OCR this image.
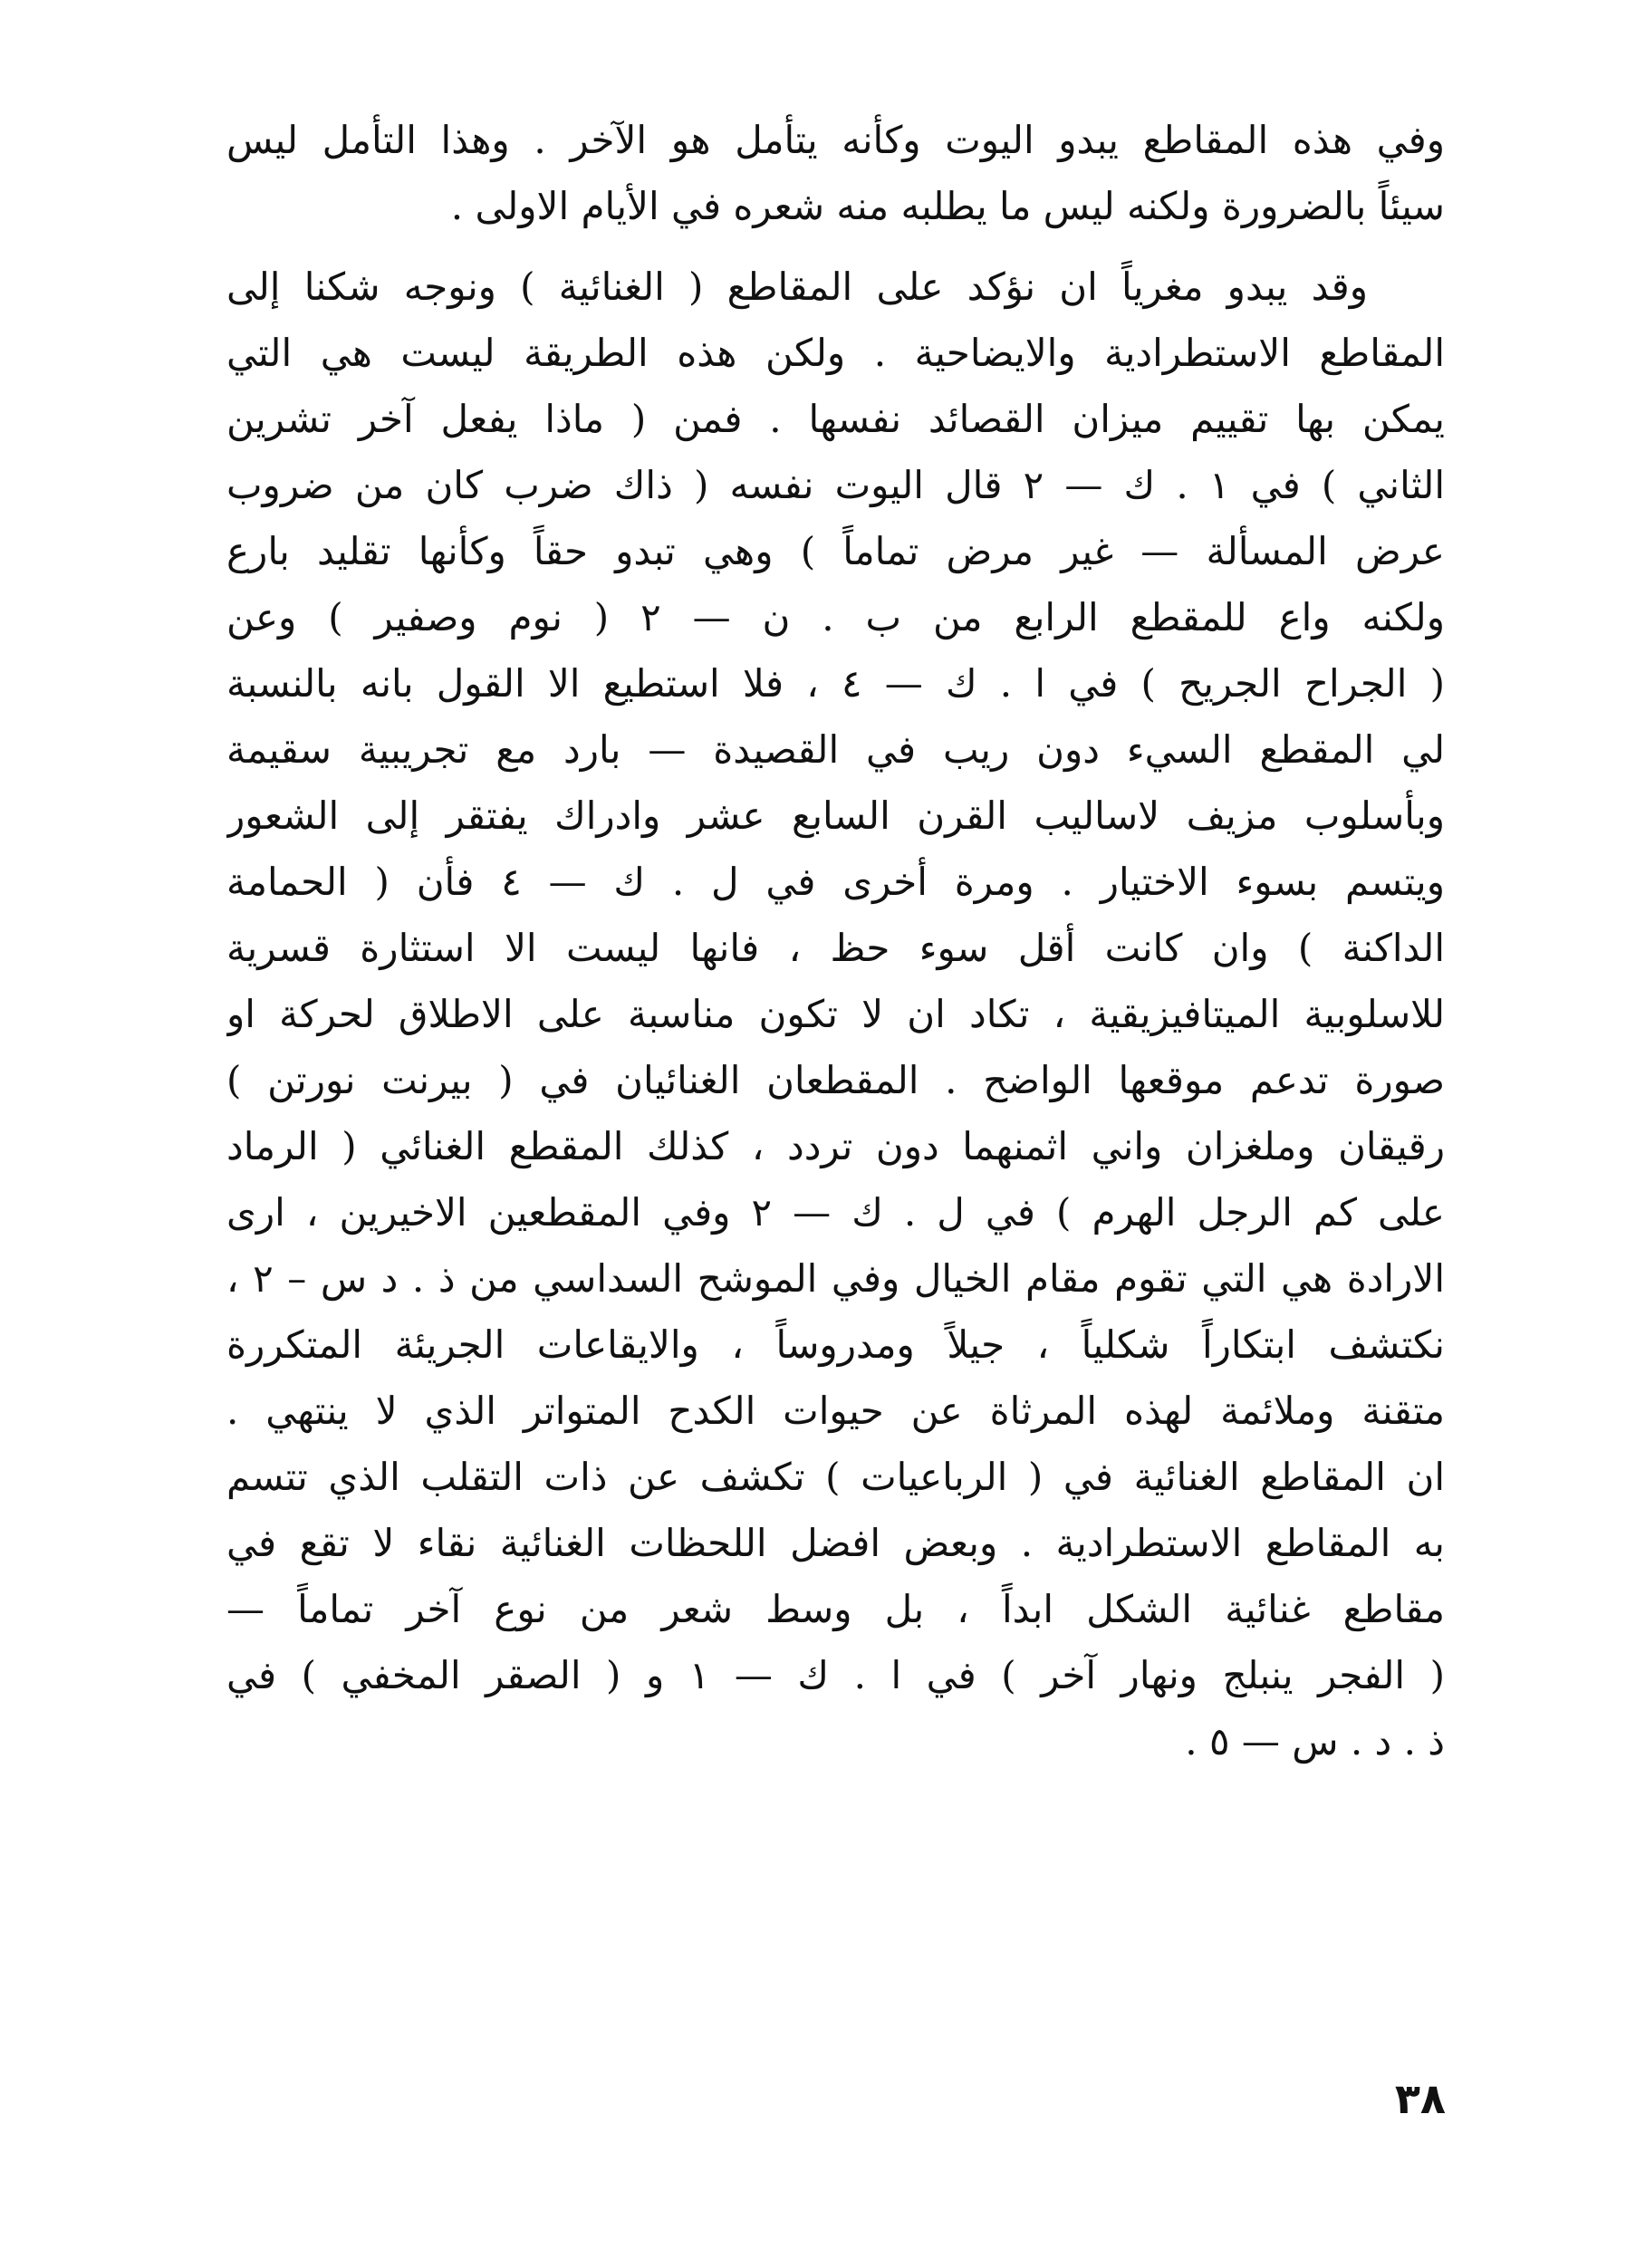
وفي هذه المقاطع يبدو اليوت وكأنه يتأمل هو الآخر . وهذا التأمل ليس
سيئاً بالضرورة ولكنه ليس ما يطلبه منه شعره في الأيام الاولى .
وقد يبدو مغرياً ان نؤكد على المقاطع ( الغنائية ) ونوجه شكنا إلى
المقاطع الاستطرادية والايضاحية . ولكن هذه الطريقة ليست هي التي
يمكن بها تقييم ميزان القصائد نفسها . فمن ( ماذا يفعل آخر تشرين
الثاني ) في ١ . ك — ٢ قال اليوت نفسه ( ذاك ضرب كان من ضروب
عرض المسألة — غير مرض تماماً ) وهي تبدو حقاً وكأنها تقليد بارع
ولكنه واع للمقطع الرابع من ب . ن — ٢ ( نوم وصفير ) وعن
( الجراح الجريح ) في ا . ك — ٤ ، فلا استطيع الا القول بانه بالنسبة
لي المقطع السيء دون ريب في القصيدة — بارد مع تجريبية سقيمة
وبأسلوب مزيف لاساليب القرن السابع عشر وادراك يفتقر إلى الشعور
ويتسم بسوء الاختيار . ومرة أخرى في ل . ك — ٤ فأن ( الحمامة
الداكنة ) وان كانت أقل سوء حظ ، فانها ليست الا استثارة قسرية
للاسلوبية الميتافيزيقية ، تكاد ان لا تكون مناسبة على الاطلاق لحركة او
صورة تدعم موقعها الواضح . المقطعان الغنائيان في ( بيرنت نورتن )
رقيقان وملغزان واني اثمنهما دون تردد ، كذلك المقطع الغنائي ( الرماد
على كم الرجل الهرم ) في ل . ك — ٢ وفي المقطعين الاخيرين ، ارى
الارادة هي التي تقوم مقام الخيال وفي الموشح السداسي من ذ . د س – ٢ ،
نكتشف ابتكاراً شكلياً ، جيلاً ومدروساً ، والايقاعات الجريئة المتكررة
متقنة وملائمة لهذه المرثاة عن حيوات الكدح المتواتر الذي لا ينتهي .
ان المقاطع الغنائية في ( الرباعيات ) تكشف عن ذات التقلب الذي تتسم
به المقاطع الاستطرادية . وبعض افضل اللحظات الغنائية نقاء لا تقع في
مقاطع غنائية الشكل ابداً ، بل وسط شعر من نوع آخر تماماً —
( الفجر ينبلج ونهار آخر ) في ا . ك — ١ و ( الصقر المخفي ) في
ذ . د . س — ٥ .
٣٨
